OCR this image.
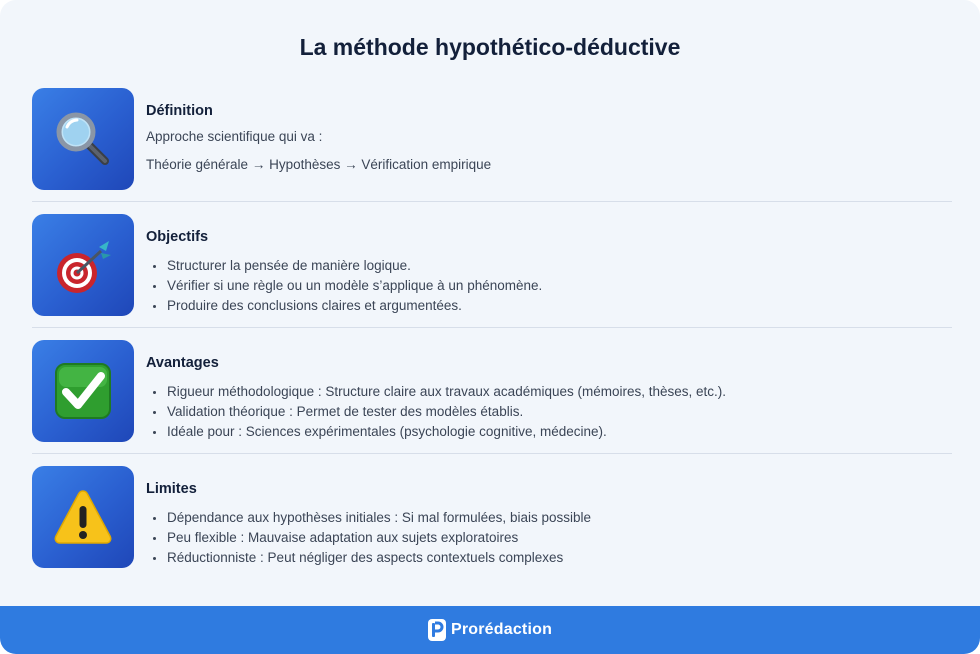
La méthode hypothético-déductive
Définition
Approche scientifique qui va :
Théorie générale → Hypothèses → Vérification empirique
Objectifs
Structurer la pensée de manière logique.
Vérifier si une règle ou un modèle s’applique à un phénomène.
Produire des conclusions claires et argumentées.
Avantages
Rigueur méthodologique : Structure claire aux travaux académiques (mémoires, thèses, etc.).
Validation théorique : Permet de tester des modèles établis.
Idéale pour : Sciences expérimentales (psychologie cognitive, médecine).
Limites
Dépendance aux hypothèses initiales : Si mal formulées, biais possible
Peu flexible : Mauvaise adaptation aux sujets exploratoires
Réductionniste : Peut négliger des aspects contextuels complexes
Prorédaction
